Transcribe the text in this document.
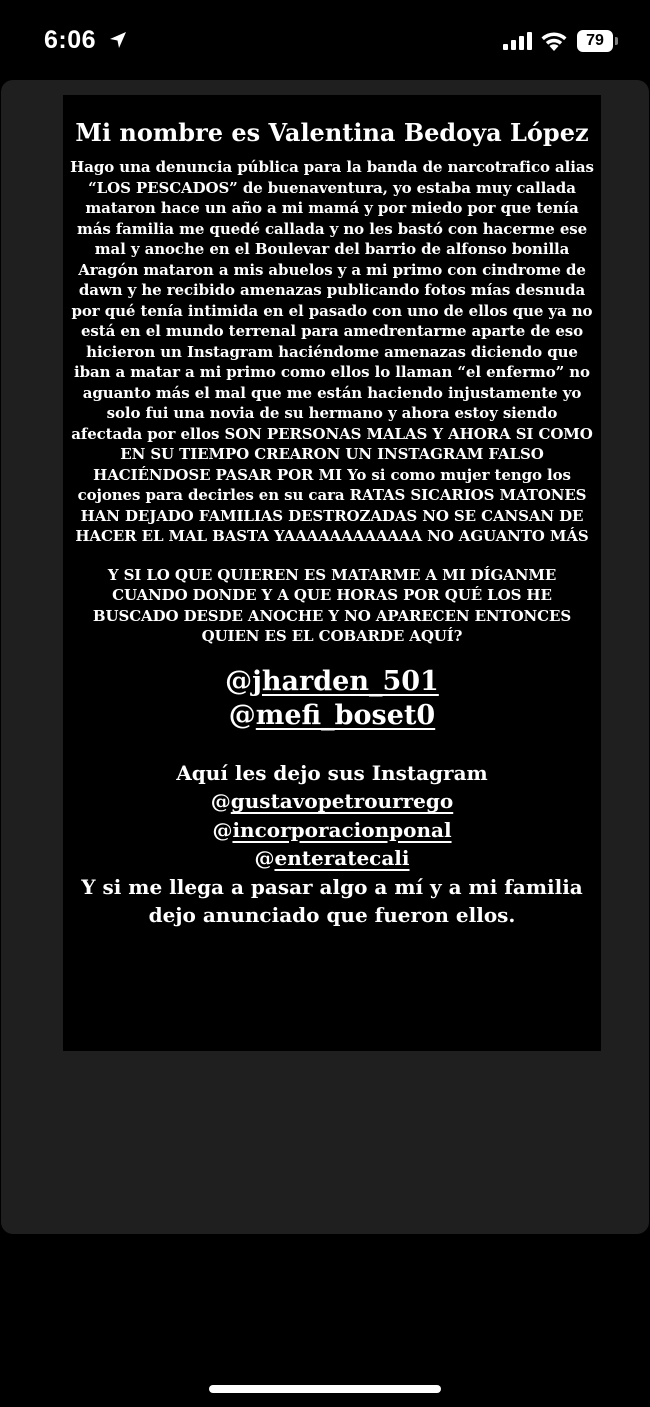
6:06	79
Mi nombre es Valentina Bedoya López

Hago una denuncia pública para la banda de narcotrafico alias “LOS PESCADOS” de buenaventura, yo estaba muy callada mataron hace un año a mi mamá y por miedo por que tenía más familia me quedé callada y no les bastó con hacerme ese mal y anoche en el Boulevar del barrio de alfonso bonilla Aragón mataron a mis abuelos y a mi primo con cindrome de dawn y he recibido amenazas publicando fotos mías desnuda por qué tenía intimida en el pasado con uno de ellos que ya no está en el mundo terrenal para amedrentarme aparte de eso hicieron un Instagram haciéndome amenazas diciendo que iban a matar a mi primo como ellos lo llaman “el enfermo” no aguanto más el mal que me están haciendo injustamente yo solo fui una novia de su hermano y ahora estoy siendo afectada por ellos SON PERSONAS MALAS Y AHORA SI COMO EN SU TIEMPO CREARON UN INSTAGRAM FALSO HACIÉNDOSE PASAR POR MI Yo si como mujer tengo los cojones para decirles en su cara RATAS SICARIOS MATONES HAN DEJADO FAMILIAS DESTROZADAS NO SE CANSAN DE HACER EL MAL BASTA YAAAAAAAAAAAA NO AGUANTO MÁS

Y SI LO QUE QUIEREN ES MATARME A MI DÍGANME CUANDO DONDE Y A QUE HORAS POR QUÉ LOS HE BUSCADO DESDE ANOCHE Y NO APARECEN ENTONCES QUIEN ES EL COBARDE AQUÍ?

@jharden_501
@mefi_boset0
Aquí les dejo sus Instagram
@gustavopetrourrego
@incorporacionponal
@enteratecali
Y si me llega a pasar algo a mí y a mi familia dejo anunciado que fueron ellos.
